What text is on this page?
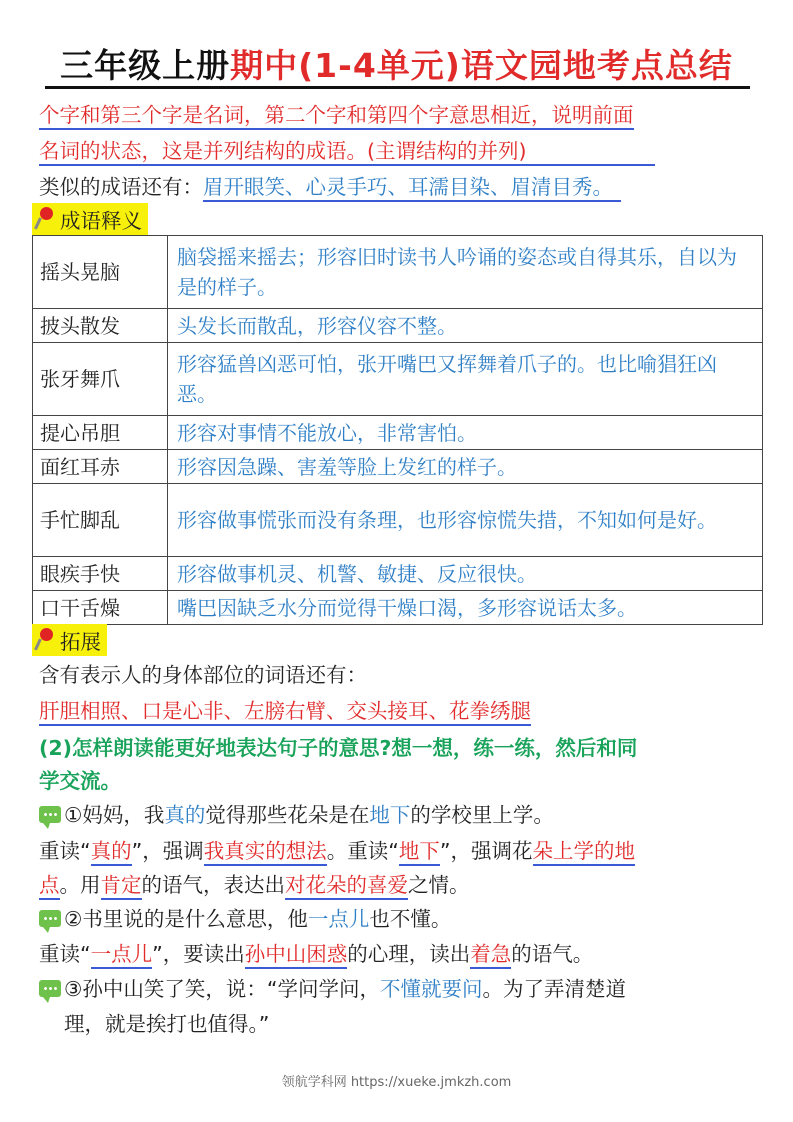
三年级上册期中(1-4单元)语文园地考点总结
个字和第三个字是名词，第二个字和第四个字意思相近，说明前面
名词的状态，这是并列结构的成语。(主谓结构的并列)
类似的成语还有：眉开眼笑、心灵手巧、耳濡目染、眉清目秀。
成语释义
摇头晃脑	脑袋摇来摇去；形容旧时读书人吟诵的姿态或自得其乐，自以为是的样子。
披头散发	头发长而散乱，形容仪容不整。
张牙舞爪	形容猛兽凶恶可怕，张开嘴巴又挥舞着爪子的。也比喻猖狂凶恶。
提心吊胆	形容对事情不能放心，非常害怕。
面红耳赤	形容因急躁、害羞等脸上发红的样子。
手忙脚乱	形容做事慌张而没有条理，也形容惊慌失措，不知如何是好。
眼疾手快	形容做事机灵、机警、敏捷、反应很快。
口干舌燥	嘴巴因缺乏水分而觉得干燥口渴，多形容说话太多。
拓展
含有表示人的身体部位的词语还有：
肝胆相照、口是心非、左膀右臂、交头接耳、花拳绣腿
(2)怎样朗读能更好地表达句子的意思?想一想，练一练，然后和同
学交流。
①妈妈，我真的觉得那些花朵是在地下的学校里上学。
重读“真的”，强调我真实的想法。重读“地下”，强调花朵上学的地
点。用肯定的语气，表达出对花朵的喜爱之情。
②书里说的是什么意思，他一点儿也不懂。
重读“一点儿”，要读出孙中山困惑的心理，读出着急的语气。
③孙中山笑了笑，说：“学问学问，不懂就要问。为了弄清楚道
理，就是挨打也值得。”
领航学科网 https://xueke.jmkzh.com
